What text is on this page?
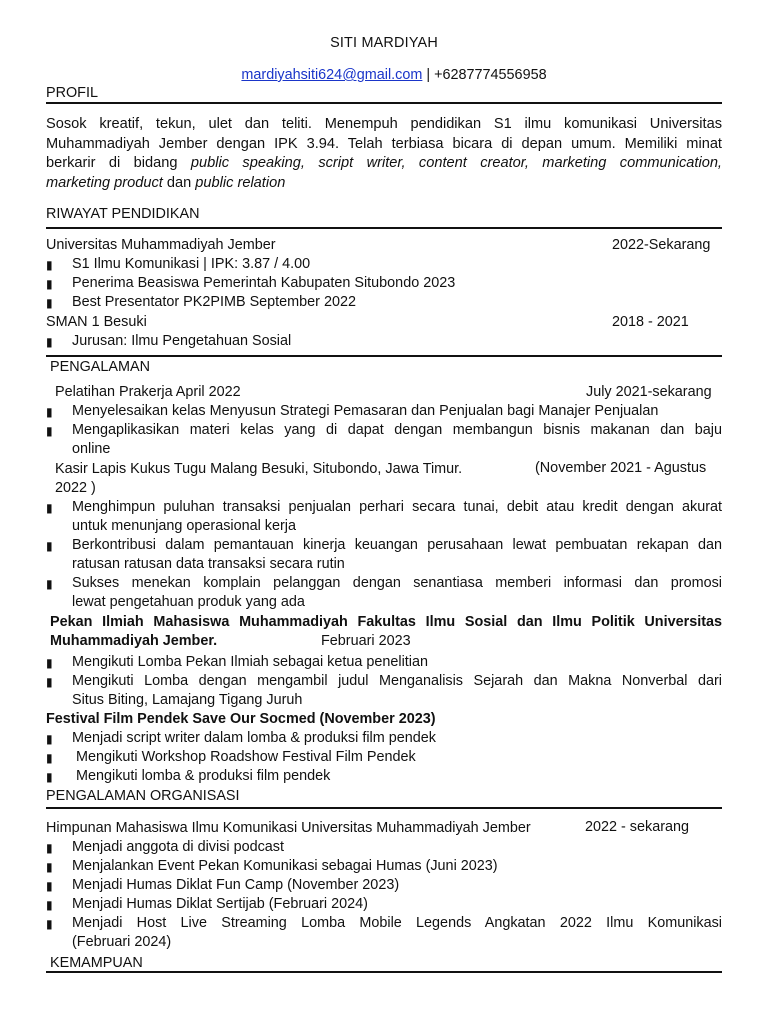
SITI MARDIYAH
mardiyahsiti624@gmail.com | +6287774556958
PROFIL
Sosok kreatif, tekun, ulet dan teliti. Menempuh pendidikan S1 ilmu komunikasi Universitas
Muhammadiyah Jember dengan IPK 3.94. Telah terbiasa bicara di depan umum. Memiliki minat
berkarir di bidang public speaking, script writer, content creator, marketing communication,
marketing product dan public relation
RIWAYAT PENDIDIKAN
Universitas Muhammadiyah Jember	2022-Sekarang
▮ S1 Ilmu Komunikasi | IPK: 3.87 / 4.00
▮ Penerima Beasiswa Pemerintah Kabupaten Situbondo 2023
▮ Best Presentator PK2PIMB September 2022
SMAN 1 Besuki	2018 - 2021
▮ Jurusan: Ilmu Pengetahuan Sosial
PENGALAMAN
Pelatihan Prakerja April 2022	July 2021-sekarang
▮ Menyelesaikan kelas Menyusun Strategi Pemasaran dan Penjualan bagi Manajer Penjualan
▮ Mengaplikasikan materi kelas yang di dapat dengan membangun bisnis makanan dan baju
online
Kasir Lapis Kukus Tugu Malang Besuki, Situbondo, Jawa Timur.	(November 2021 - Agustus
2022 )
▮ Menghimpun puluhan transaksi penjualan perhari secara tunai, debit atau kredit dengan akurat
untuk menunjang operasional kerja
▮ Berkontribusi dalam pemantauan kinerja keuangan perusahaan lewat pembuatan rekapan dan
ratusan ratusan data transaksi secara rutin
▮ Sukses menekan komplain pelanggan dengan senantiasa memberi informasi dan promosi
lewat pengetahuan produk yang ada
Pekan Ilmiah Mahasiswa Muhammadiyah Fakultas Ilmu Sosial dan Ilmu Politik Universitas
Muhammadiyah Jember.	Februari 2023
▮ Mengikuti Lomba Pekan Ilmiah sebagai ketua penelitian
▮ Mengikuti Lomba dengan mengambil judul Menganalisis Sejarah dan Makna Nonverbal dari
Situs Biting, Lamajang Tigang Juruh
Festival Film Pendek Save Our Socmed (November 2023)
▮ Menjadi script writer dalam lomba & produksi film pendek
▮ Mengikuti Workshop Roadshow Festival Film Pendek
▮ Mengikuti lomba & produksi film pendek
PENGALAMAN ORGANISASI
Himpunan Mahasiswa Ilmu Komunikasi Universitas Muhammadiyah Jember	2022 - sekarang
▮ Menjadi anggota di divisi podcast
▮ Menjalankan Event Pekan Komunikasi sebagai Humas (Juni 2023)
▮ Menjadi Humas Diklat Fun Camp (November 2023)
▮ Menjadi Humas Diklat Sertijab (Februari 2024)
▮ Menjadi Host Live Streaming Lomba Mobile Legends Angkatan 2022 Ilmu Komunikasi
(Februari 2024)
KEMAMPUAN
